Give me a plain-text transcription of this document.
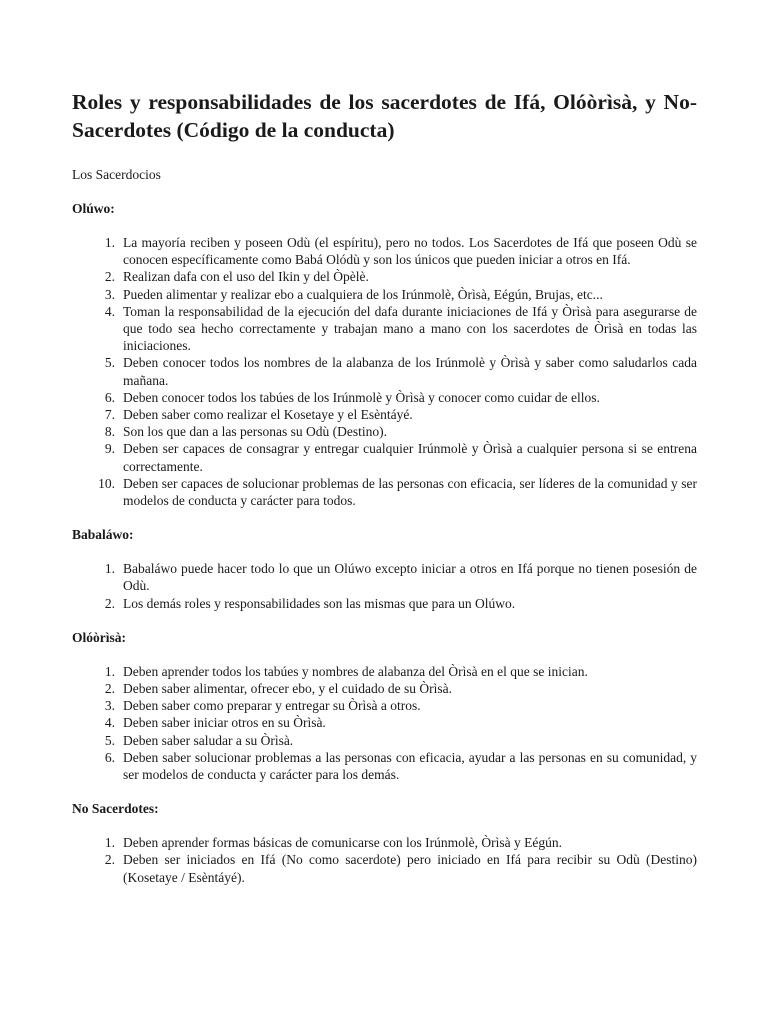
Roles y responsabilidades de los sacerdotes de Ifá, Olóòrìsà, y No-Sacerdotes (Código de la conducta)
Los Sacerdocios
Olúwo:
1. La mayoría reciben y poseen Odù (el espíritu), pero no todos. Los Sacerdotes de Ifá que poseen Odù se conocen específicamente como Babá Olódù y son los únicos que pueden iniciar a otros en Ifá.
2. Realizan dafa con el uso del Ikin y del Òpèlè.
3. Pueden alimentar y realizar ebo a cualquiera de los Irúnmolè, Òrìsà, Eégún, Brujas, etc...
4. Toman la responsabilidad de la ejecución del dafa durante iniciaciones de Ifá y Òrìsà para asegurarse de que todo sea hecho correctamente y trabajan mano a mano con los sacerdotes de Òrìsà en todas las iniciaciones.
5. Deben conocer todos los nombres de la alabanza de los Irúnmolè y Òrìsà y saber como saludarlos cada mañana.
6. Deben conocer todos los tabúes de los Irúnmolè y Òrìsà y conocer como cuidar de ellos.
7. Deben saber como realizar el Kosetaye y el Esèntáyé.
8. Son los que dan a las personas su Odù (Destino).
9. Deben ser capaces de consagrar y entregar cualquier Irúnmolè y Òrìsà a cualquier persona si se entrena correctamente.
10. Deben ser capaces de solucionar problemas de las personas con eficacia, ser líderes de la comunidad y ser modelos de conducta y carácter para todos.
Babaláwo:
1. Babaláwo puede hacer todo lo que un Olúwo excepto iniciar a otros en Ifá porque no tienen posesión de Odù.
2. Los demás roles y responsabilidades son las mismas que para un Olúwo.
Olóòrìsà:
1. Deben aprender todos los tabúes y nombres de alabanza del Òrìsà en el que se inician.
2. Deben saber alimentar, ofrecer ebo, y el cuidado de su Òrìsà.
3. Deben saber como preparar y entregar su Òrìsà a otros.
4. Deben saber iniciar otros en su Òrìsà.
5. Deben saber saludar a su Òrìsà.
6. Deben saber solucionar problemas a las personas con eficacia, ayudar a las personas en su comunidad, y ser modelos de conducta y carácter para los demás.
No Sacerdotes:
1. Deben aprender formas básicas de comunicarse con los Irúnmolè, Òrìsà y Eégún.
2. Deben ser iniciados en Ifá (No como sacerdote) pero iniciado en Ifá para recibir su Odù (Destino) (Kosetaye / Esèntáyé).
